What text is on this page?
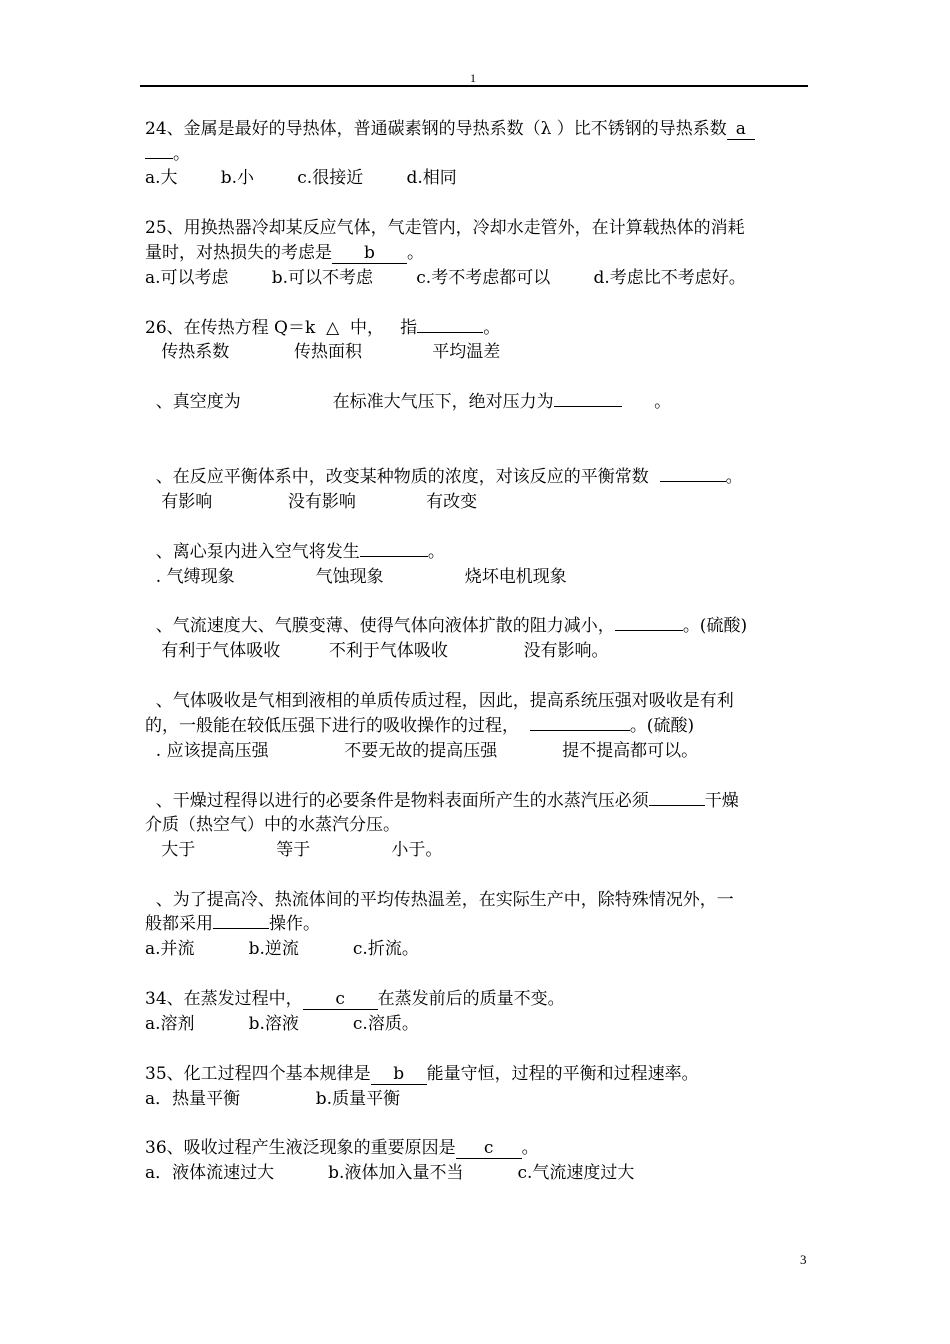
1
24、金属是最好的导热体，普通碳素钢的导热系数（λ ）比不锈钢的导热系数 a
。
a.大        b.小        c.很接近        d.相同
25、用换热器冷却某反应气体，气走管内，冷却水走管外，在计算载热体的消耗
量时，对热损失的考虑是 b 。
a.可以考虑        b.可以不考虑        c.考不考虑都可以        d.考虑比不考虑好。
26、在传热方程 Q＝k  △  中，   指	。
传热系数            传热面积             平均温差
、真空度为                 在标准大气压下，绝对压力为	。
、在反应平衡体系中，改变某种物质的浓度，对该反应的平衡常数	。
有影响              没有影响             有改变
、离心泵内进入空气将发生	。
. 气缚现象               气蚀现象               烧坏电机现象
、气流速度大、气膜变薄、使得气体向液体扩散的阻力减小，	。(硫酸)
有利于气体吸收         不利于气体吸收              没有影响。
、气体吸收是气相到液相的单质传质过程，因此，提高系统压强对吸收是有利
的，一般能在较低压强下进行的吸收操作的过程，	。(硫酸)
. 应该提高压强              不要无故的提高压强            提不提高都可以。
、干燥过程得以进行的必要条件是物料表面所产生的水蒸汽压必须	干燥
介质（热空气）中的水蒸汽分压。
大于               等于               小于。
、为了提高冷、热流体间的平均传热温差，在实际生产中，除特殊情况外，一
般都采用	操作。
a.并流          b.逆流          c.折流。
34、在蒸发过程中， c 在蒸发前后的质量不变。
a.溶剂          b.溶液          c.溶质。
35、化工过程四个基本规律是 b 能量守恒，过程的平衡和过程速率。
a．热量平衡              b.质量平衡
36、吸收过程产生液泛现象的重要原因是 c 。
a．液体流速过大          b.液体加入量不当          c.气流速度过大
3
